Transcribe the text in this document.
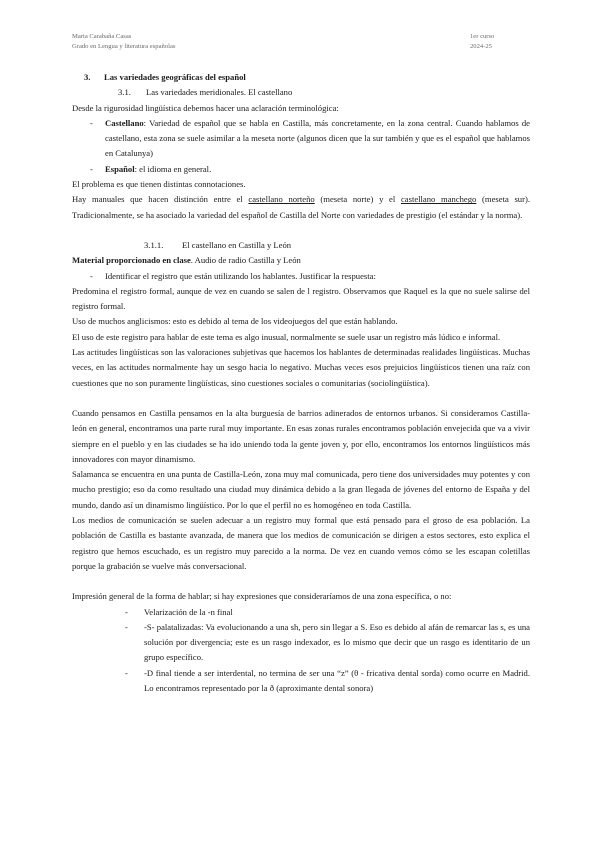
Marta Carabaña Casas
Grado en Lengua y literatura españolas
1er curso
2024-25

3. Las variedades geográficas del español

3.1. Las variedades meridionales. El castellano

Desde la rigurosidad lingüística debemos hacer una aclaración terminológica:

- Castellano: Variedad de español que se habla en Castilla, más concretamente, en la zona central. Cuando hablamos de castellano, esta zona se suele asimilar a la meseta norte (algunos dicen que la sur también y que es el español que hablamos en Catalunya)
- Español: el idioma en general.

El problema es que tienen distintas connotaciones.

Hay manuales que hacen distinción entre el castellano norteño (meseta norte) y el castellano manchego (meseta sur). Tradicionalmente, se ha asociado la variedad del español de Castilla del Norte con variedades de prestigio (el estándar y la norma).

3.1.1. El castellano en Castilla y León

Material proporcionado en clase. Audio de radio Castilla y León

- Identificar el registro que están utilizando los hablantes. Justificar la respuesta:

Predomina el registro formal, aunque de vez en cuando se salen de l registro. Observamos que Raquel es la que no suele salirse del registro formal.

Uso de muchos anglicismos: esto es debido al tema de los videojuegos del que están hablando.

El uso de este registro para hablar de este tema es algo inusual, normalmente se suele usar un registro más lúdico e informal.

Las actitudes lingüísticas son las valoraciones subjetivas que hacemos los hablantes de determinadas realidades lingüísticas. Muchas veces, en las actitudes normalmente hay un sesgo hacia lo negativo. Muchas veces esos prejuicios lingüísticos tienen una raíz con cuestiones que no son puramente lingüísticas, sino cuestiones sociales o comunitarias (sociolingüística).

Cuando pensamos en Castilla pensamos en la alta burguesía de barrios adinerados de entornos urbanos. Si consideramos Castilla-león en general, encontramos una parte rural muy importante. En esas zonas rurales encontramos población envejecida que va a vivir siempre en el pueblo y en las ciudades se ha ido uniendo toda la gente joven y, por ello, encontramos los entornos lingüísticos más innovadores con mayor dinamismo.

Salamanca se encuentra en una punta de Castilla-León, zona muy mal comunicada, pero tiene dos universidades muy potentes y con mucho prestigio; eso da como resultado una ciudad muy dinámica debido a la gran llegada de jóvenes del entorno de España y del mundo, dando así un dinamismo lingüístico. Por lo que el perfil no es homogéneo en toda Castilla.

Los medios de comunicación se suelen adecuar a un registro muy formal que está pensado para el groso de esa población. La población de Castilla es bastante avanzada, de manera que los medios de comunicación se dirigen a estos sectores, esto explica el registro que hemos escuchado, es un registro muy parecido a la norma. De vez en cuando vemos cómo se les escapan coletillas porque la grabación se vuelve más conversacional.

Impresión general de la forma de hablar; si hay expresiones que consideraríamos de una zona específica, o no:

- Velarización de la -n final
- -S- palatalizadas: Va evolucionando a una sh, pero sin llegar a S. Eso es debido al afán de remarcar las s, es una solución por divergencia; este es un rasgo indexador, es lo mismo que decir que un rasgo es identitario de un grupo específico.
- -D final tiende a ser interdental, no termina de ser una “z” (θ - fricativa dental sorda) como ocurre en Madrid. Lo encontramos representado por la ð (aproximante dental sonora)
